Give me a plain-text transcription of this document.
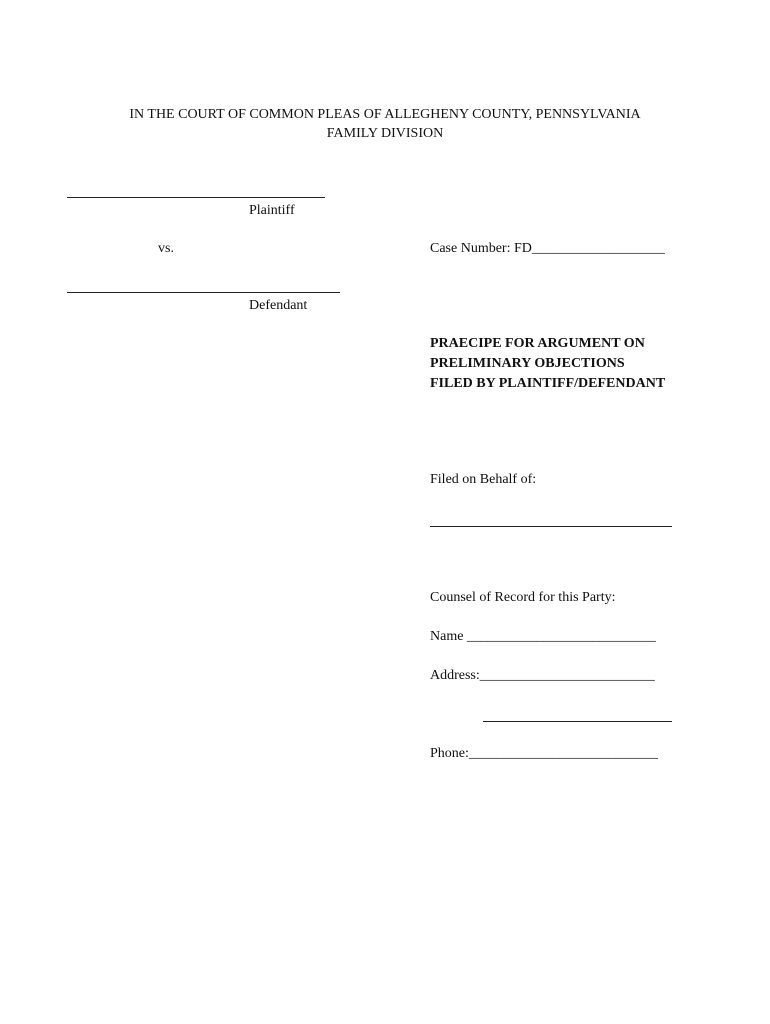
IN THE COURT OF COMMON PLEAS OF ALLEGHENY COUNTY, PENNSYLVANIA
FAMILY DIVISION
Plaintiff
vs.	Case Number: FD___________________
Defendant
PRAECIPE FOR ARGUMENT ON
PRELIMINARY OBJECTIONS
FILED BY PLAINTIFF/DEFENDANT
Filed on Behalf of:
Counsel of Record for this Party:
Name ___________________________
Address:_________________________
Phone:___________________________
